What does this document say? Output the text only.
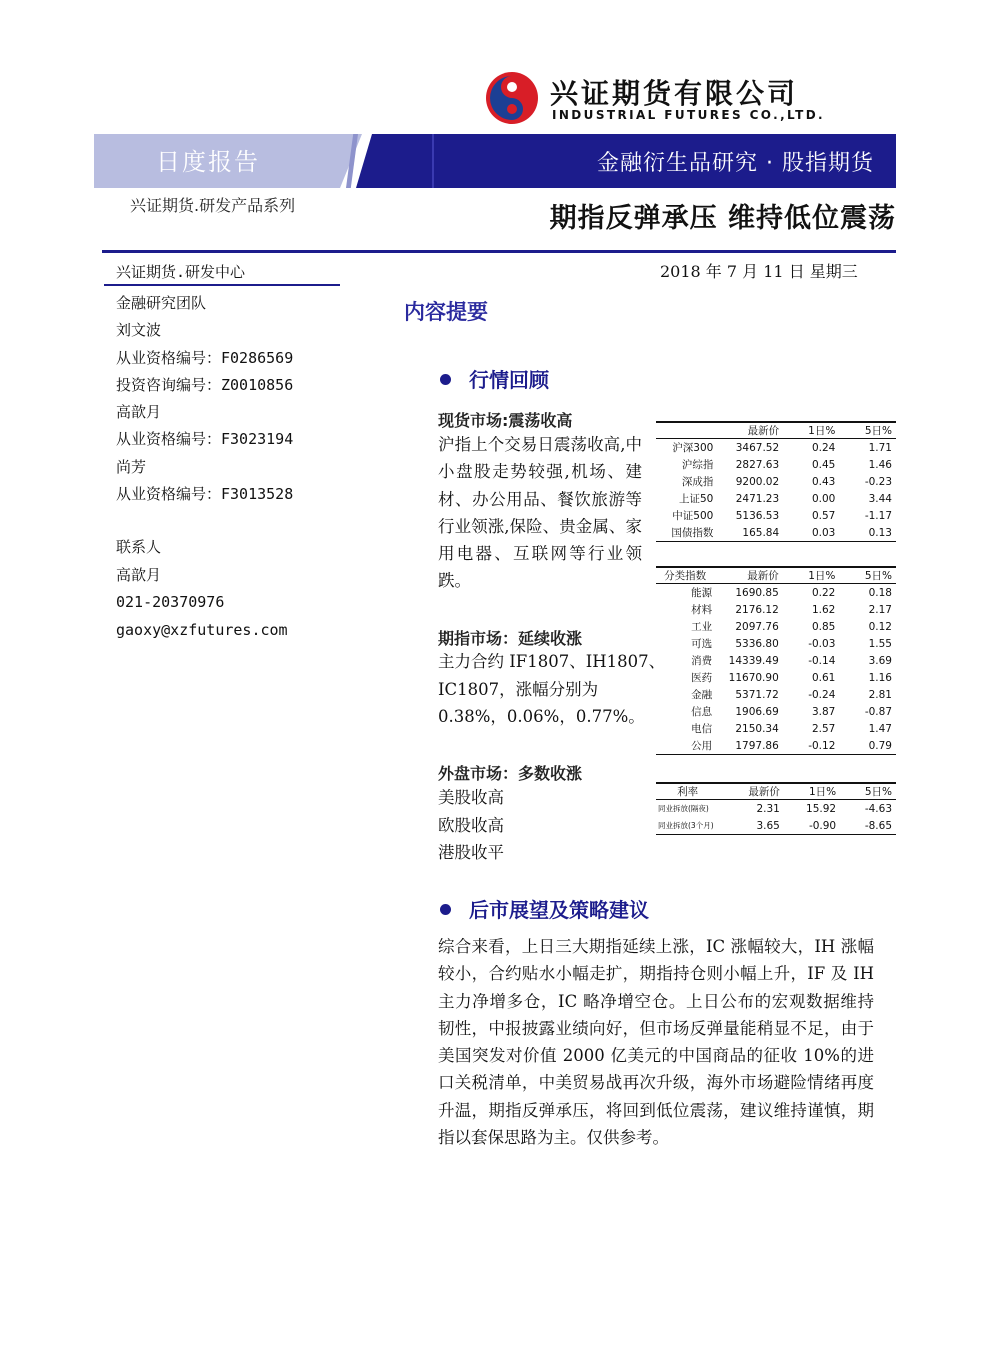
兴证期货有限公司
INDUSTRIAL FUTURES CO.,LTD.
日度报告	金融衍生品研究 · 股指期货
兴证期货.研发产品系列	期指反弹承压 维持低位震荡
兴证期货.研发中心
金融研究团队
刘文波
从业资格编号：F0286569
投资咨询编号：Z0010856
高歆月
从业资格编号：F3023194
尚芳
从业资格编号：F3013528
联系人
高歆月
021-20370976
gaoxy@xzfutures.com
2018 年 7 月 11 日 星期三
内容提要
行情回顾
现货市场:震荡收高
沪指上个交易日震荡收高,中小盘股走势较强,机场、建材、办公用品、餐饮旅游等行业领涨,保险、贵金属、家用电器、互联网等行业领跌。
期指市场：延续收涨
主力合约 IF1807、IH1807、
IC1807，涨幅分别为
0.38%，0.06%，0.77%。
外盘市场：多数收涨
美股收高
欧股收高
港股收平
后市展望及策略建议
综合来看，上日三大期指延续上涨，IC 涨幅较大，IH 涨幅较小，合约贴水小幅走扩，期指持仓则小幅上升，IF 及 IH 主力净增多仓，IC 略净增空仓。上日公布的宏观数据维持韧性，中报披露业绩向好，但市场反弹量能稍显不足，由于美国突发对价值 2000 亿美元的中国商品的征收 10%的进口关税清单，中美贸易战再次升级，海外市场避险情绪再度升温，期指反弹承压，将回到低位震荡，建议维持谨慎，期指以套保思路为主。仅供参考。
	最新价	1日%	5日%
沪深300	3467.52	0.24	1.71
沪综指	2827.63	0.45	1.46
深成指	9200.02	0.43	-0.23
上证50	2471.23	0.00	3.44
中证500	5136.53	0.57	-1.17
国债指数	165.84	0.03	0.13
分类指数	最新价	1日%	5日%
能源	1690.85	0.22	0.18
材料	2176.12	1.62	2.17
工业	2097.76	0.85	0.12
可选	5336.80	-0.03	1.55
消费	14339.49	-0.14	3.69
医药	11670.90	0.61	1.16
金融	5371.72	-0.24	2.81
信息	1906.69	3.87	-0.87
电信	2150.34	2.57	1.47
公用	1797.86	-0.12	0.79
利率	最新价	1日%	5日%
同业拆放(隔夜)	2.31	15.92	-4.63
同业拆放(3个月)	3.65	-0.90	-8.65
